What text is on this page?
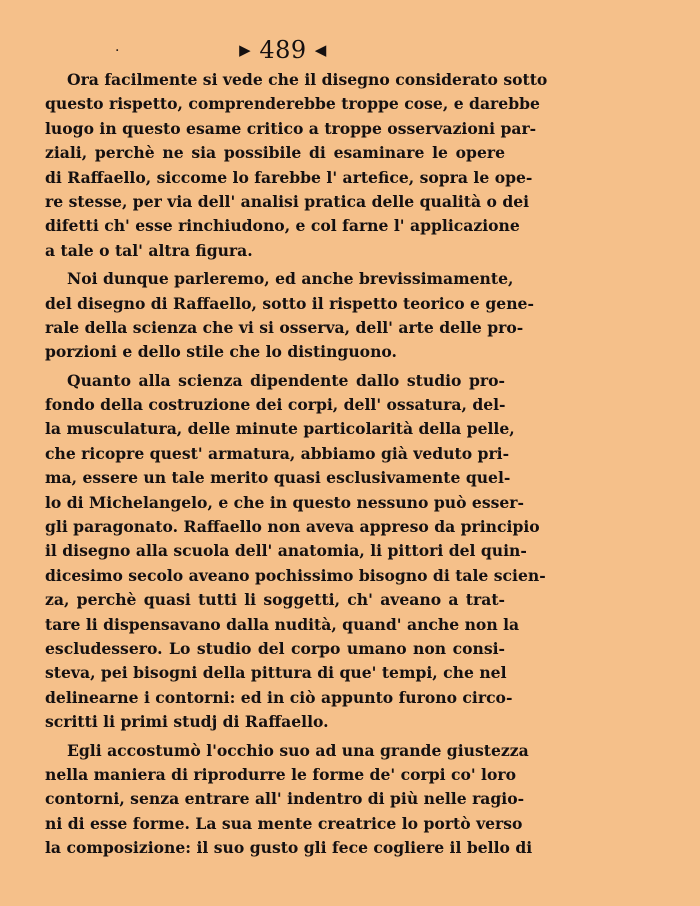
·	▶ 489 ◀
Ora facilmente si vede che il disegno considerato sotto
questo rispetto, comprenderebbe troppe cose, e darebbe
luogo in questo esame critico a troppe osservazioni par-
ziali, perchè ne sia possibile di esaminare le opere
di Raffaello, siccome lo farebbe l' artefice, sopra le ope-
re stesse, per via dell' analisi pratica delle qualità o dei
difetti ch' esse rinchiudono, e col farne l' applicazione
a tale o tal' altra figura.
Noi dunque parleremo, ed anche brevissimamente,
del disegno di Raffaello, sotto il rispetto teorico e gene-
rale della scienza che vi si osserva, dell' arte delle pro-
porzioni e dello stile che lo distinguono.
Quanto alla scienza dipendente dallo studio pro-
fondo della costruzione dei corpi, dell' ossatura, del-
la musculatura, delle minute particolarità della pelle,
che ricopre quest' armatura, abbiamo già veduto pri-
ma, essere un tale merito quasi esclusivamente quel-
lo di Michelangelo, e che in questo nessuno può esser-
gli paragonato. Raffaello non aveva appreso da principio
il disegno alla scuola dell' anatomia, li pittori del quin-
dicesimo secolo aveano pochissimo bisogno di tale scien-
za, perchè quasi tutti li soggetti, ch' aveano a trat-
tare li dispensavano dalla nudità, quand' anche non la
escludessero. Lo studio del corpo umano non consi-
steva, pei bisogni della pittura di que' tempi, che nel
delinearne i contorni: ed in ciò appunto furono circo-
scritti li primi studj di Raffaello.
Egli accostumò l'occhio suo ad una grande giustezza
nella maniera di riprodurre le forme de' corpi co' loro
contorni, senza entrare all' indentro di più nelle ragio-
ni di esse forme. La sua mente creatrice lo portò verso
la composizione: il suo gusto gli fece cogliere il bello di
